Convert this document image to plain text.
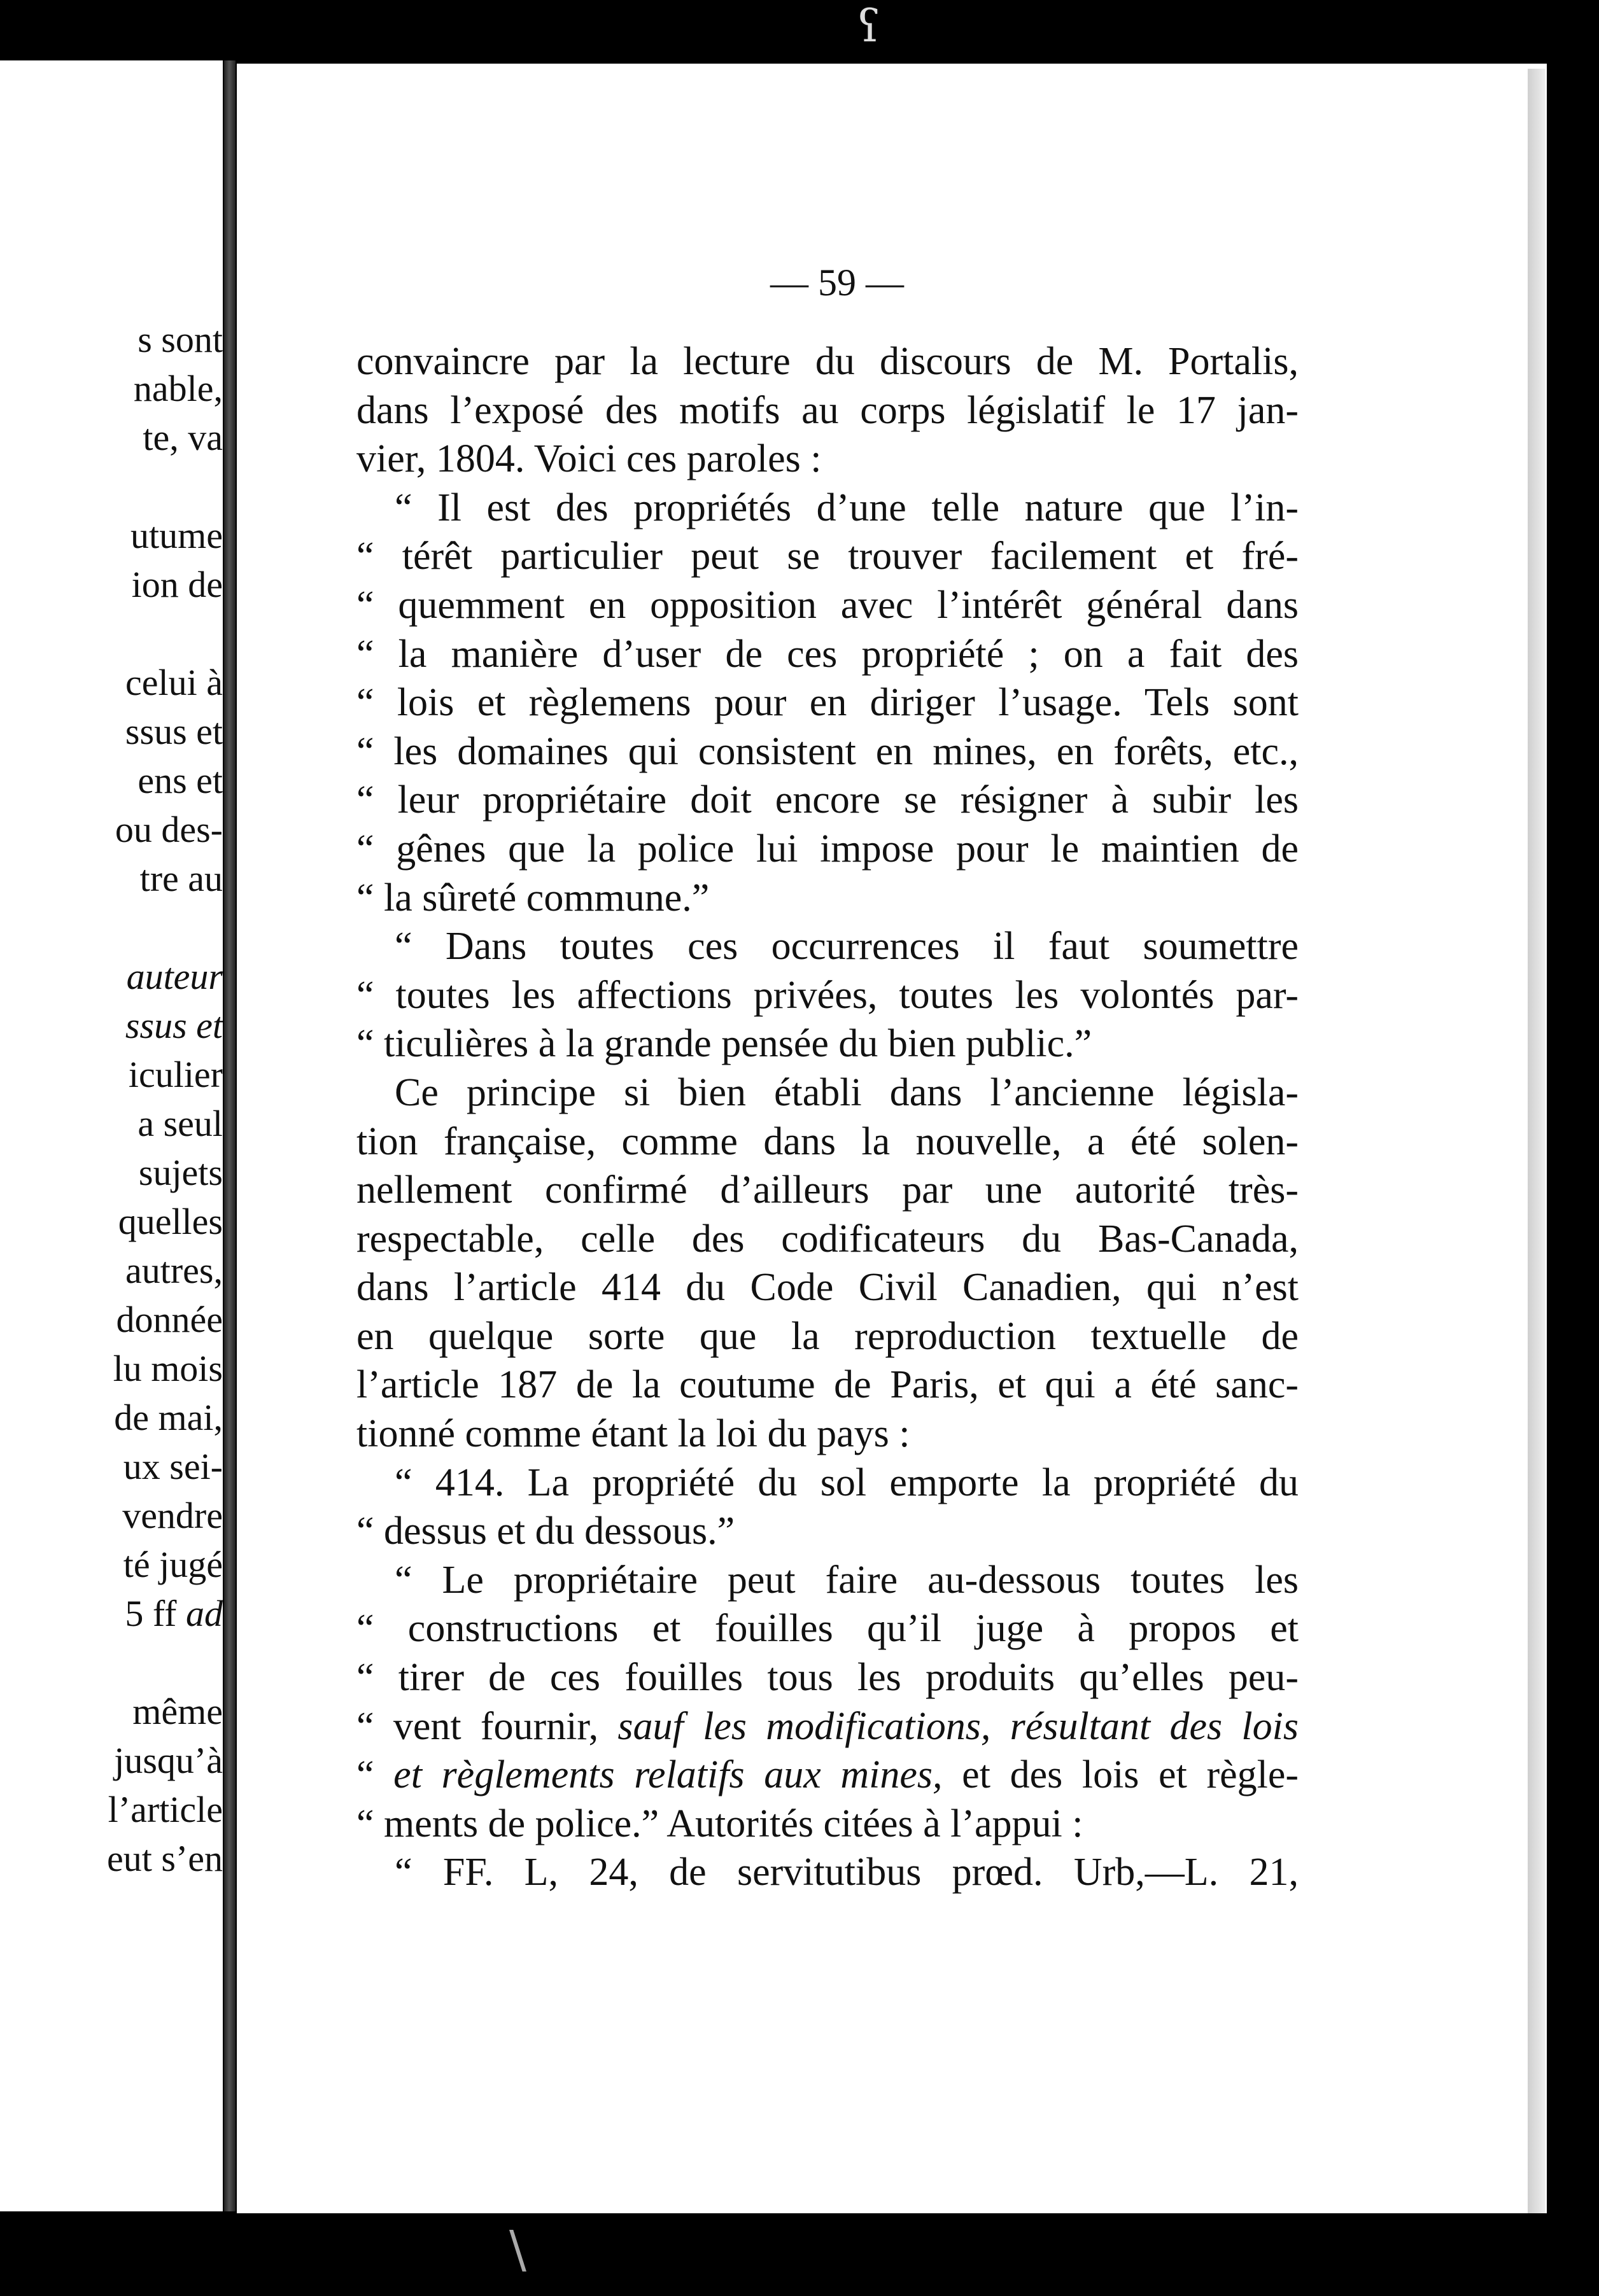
ʕ
s sont
nable,
te, va
utume
ion de
celui à
ssus et
ens et
ou des-
tre au
auteur
ssus et
iculier
a seul
sujets
quelles
autres,
donnée
lu mois
de mai,
ux sei-
vendre
té jugé
5 ff ad
même
jusqu’à
l’article
eut s’en
— 59 —
convaincre par la lecture du discours de M. Portalis,
dans l’exposé des motifs au corps législatif le 17 jan-
vier, 1804. Voici ces paroles :
“ Il est des propriétés d’une telle nature que l’in-
“ térêt particulier peut se trouver facilement et fré-
“ quemment en opposition avec l’intérêt général dans
“ la manière d’user de ces propriété ; on a fait des
“ lois et règlemens pour en diriger l’usage. Tels sont
“ les domaines qui consistent en mines, en forêts, etc.,
“ leur propriétaire doit encore se résigner à subir les
“ gênes que la police lui impose pour le maintien de
“ la sûreté commune.”
“ Dans toutes ces occurrences il faut soumettre
“ toutes les affections privées, toutes les volontés par-
“ ticulières à la grande pensée du bien public.”
Ce principe si bien établi dans l’ancienne législa-
tion française, comme dans la nouvelle, a été solen-
nellement confirmé d’ailleurs par une autorité très-
respectable, celle des codificateurs du Bas-Canada,
dans l’article 414 du Code Civil Canadien, qui n’est
en quelque sorte que la reproduction textuelle de
l’article 187 de la coutume de Paris, et qui a été sanc-
tionné comme étant la loi du pays :
“ 414. La propriété du sol emporte la propriété du
“ dessus et du dessous.”
“ Le propriétaire peut faire au-dessous toutes les
“ constructions et fouilles qu’il juge à propos et
“ tirer de ces fouilles tous les produits qu’elles peu-
“ vent fournir, sauf les modifications, résultant des lois
“ et règlements relatifs aux mines, et des lois et règle-
“ ments de police.” Autorités citées à l’appui :
“ FF. L, 24, de servitutibus prœd. Urb,—L. 21,
\
